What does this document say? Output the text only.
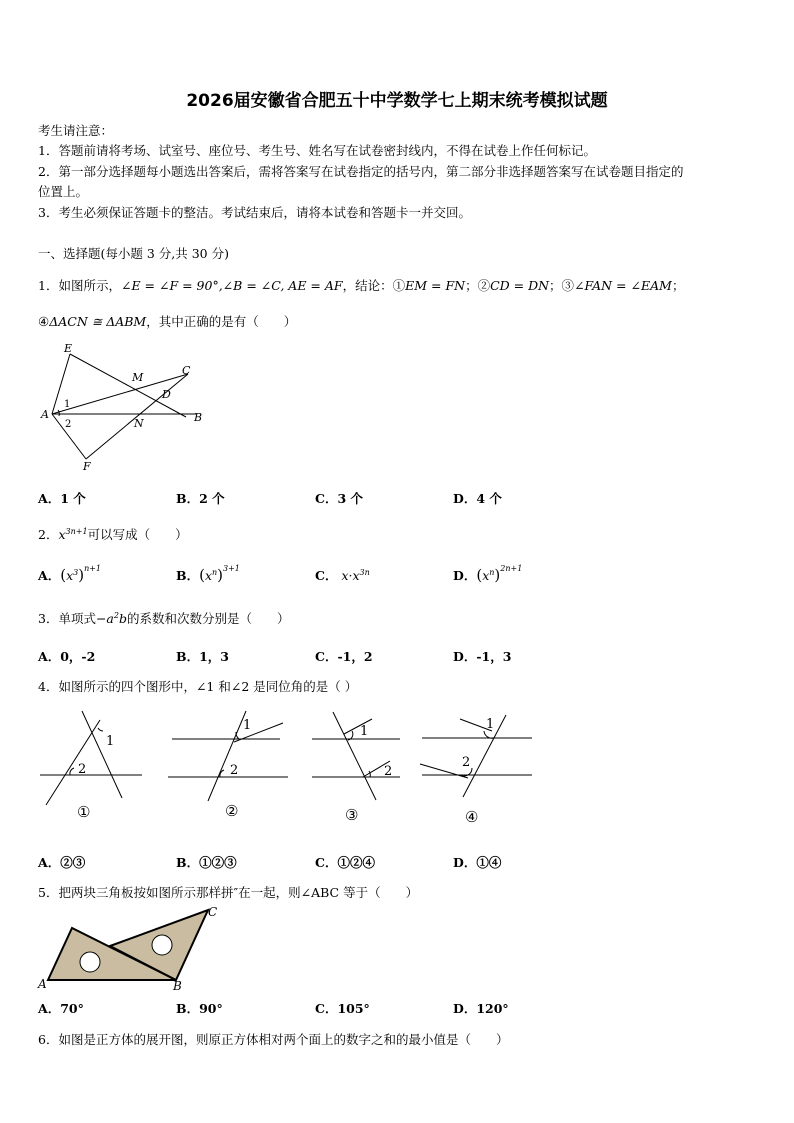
2026届安徽省合肥五十中学数学七上期末统考模拟试题
考生请注意：
1．答题前请将考场、试室号、座位号、考生号、姓名写在试卷密封线内，不得在试卷上作任何标记。
2．第一部分选择题每小题选出答案后，需将答案写在试卷指定的括号内，第二部分非选择题答案写在试卷题目指定的
位置上。
3．考生必须保证答题卡的整洁。考试结束后，请将本试卷和答题卡一并交回。
一、选择题(每小题 3 分,共 30 分)
1．如图所示，∠E = ∠F = 90°,∠B = ∠C, AE = AF，结论：①EM = FN；②CD = DN；③∠FAN = ∠EAM；
④ΔACN ≅ ΔABM，其中正确的是有（　　）
E
M
C
D
A
1
2	N	B
F
A．1 个	B．2 个	C．3 个	D．4 个
2．$x^{3n+1}$可以写成（　　）
A．$(x^3)^{n+1}$	B．$(x^n)^{3+1}$	C． $x\cdot x^{3n}$	D．$(x^n)^{2n+1}$
3．单项式$-a^2b$的系数和次数分别是（　　）
A．0，-2	B．1，3	C．-1，2	D．-1，3
4．如图所示的四个图形中，∠1 和∠2 是同位角的是（ ）
1
2
①
1
2
②
1
2
③
1
2
④
A．②③	B．①②③	C．①②④	D．①④
5．把两块三角板按如图所示那样拼″在一起，则∠ABC 等于（　　）
C
A	B
A．70°	B．90°	C．105°	D．120°
6．如图是正方体的展开图，则原正方体相对两个面上的数字之和的最小值是（　　）
